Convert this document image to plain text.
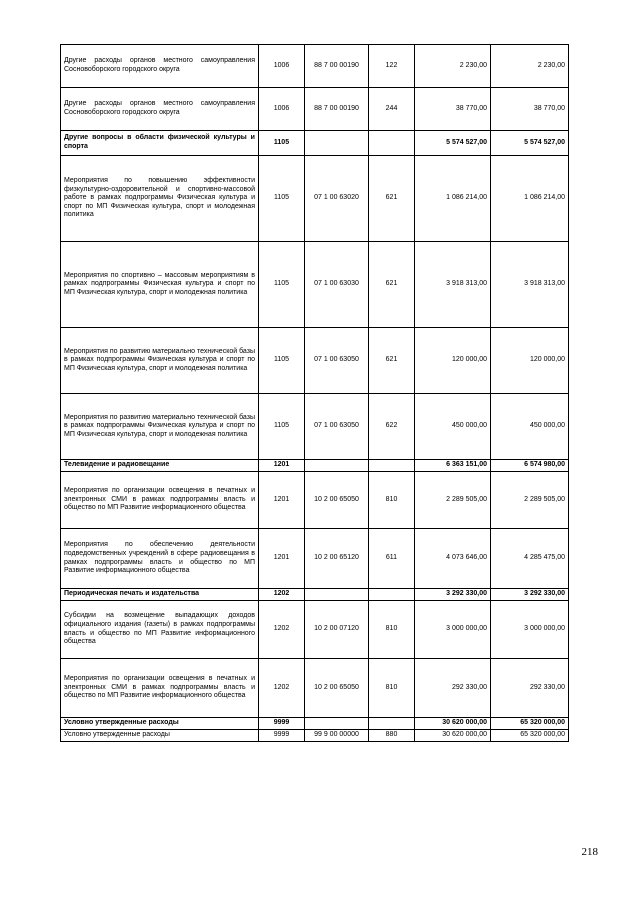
Другие расходы органов местного самоуправления Сосновоборского городского округа	1006	88 7 00 00190	122	2 230,00	2 230,00
Другие расходы органов местного самоуправления Сосновоборского городского округа	1006	88 7 00 00190	244	38 770,00	38 770,00
Другие вопросы в области физической культуры и спорта	1105			5 574 527,00	5 574 527,00
Мероприятия по повышению эффективности физкультурно-оздоровительной и спортивно-массовой работе в рамках подпрограммы Физическая культура и спорт по МП Физическая культура, спорт и молодежная политика	1105	07 1 00 63020	621	1 086 214,00	1 086 214,00
Мероприятия по спортивно – массовым мероприятиям в рамках подпрограммы Физическая культура и спорт по МП Физическая культура, спорт и молодежная политика	1105	07 1 00 63030	621	3 918 313,00	3 918 313,00
Мероприятия по развитию материально технической базы в рамках подпрограммы Физическая культура и спорт по МП Физическая культура, спорт и молодежная политика	1105	07 1 00 63050	621	120 000,00	120 000,00
Мероприятия по развитию материально технической базы в рамках подпрограммы Физическая культура и спорт по МП Физическая культура, спорт и молодежная политика	1105	07 1 00 63050	622	450 000,00	450 000,00
Телевидение и радиовещание	1201			6 363 151,00	6 574 980,00
Мероприятия по организации освещения в печатных и электронных СМИ в рамках подпрограммы власть и общество по МП Развитие информационного общества	1201	10 2 00 65050	810	2 289 505,00	2 289 505,00
Мероприятия по обеспечению деятельности подведомственных учреждений в сфере радиовещания в рамках подпрограммы власть и общество по МП Развитие информационного общества	1201	10 2 00 65120	611	4 073 646,00	4 285 475,00
Периодическая печать и издательства	1202			3 292 330,00	3 292 330,00
Субсидии на возмещение выпадающих доходов официального издания (газеты) в рамках подпрограммы власть и общество по МП Развитие информационного общества	1202	10 2 00 07120	810	3 000 000,00	3 000 000,00
Мероприятия по организации освещения в печатных и электронных СМИ в рамках подпрограммы власть и общество по МП Развитие информационного общества	1202	10 2 00 65050	810	292 330,00	292 330,00
Условно утвержденные расходы	9999			30 620 000,00	65 320 000,00
Условно утвержденные расходы	9999	99 9 00 00000	880	30 620 000,00	65 320 000,00
218
